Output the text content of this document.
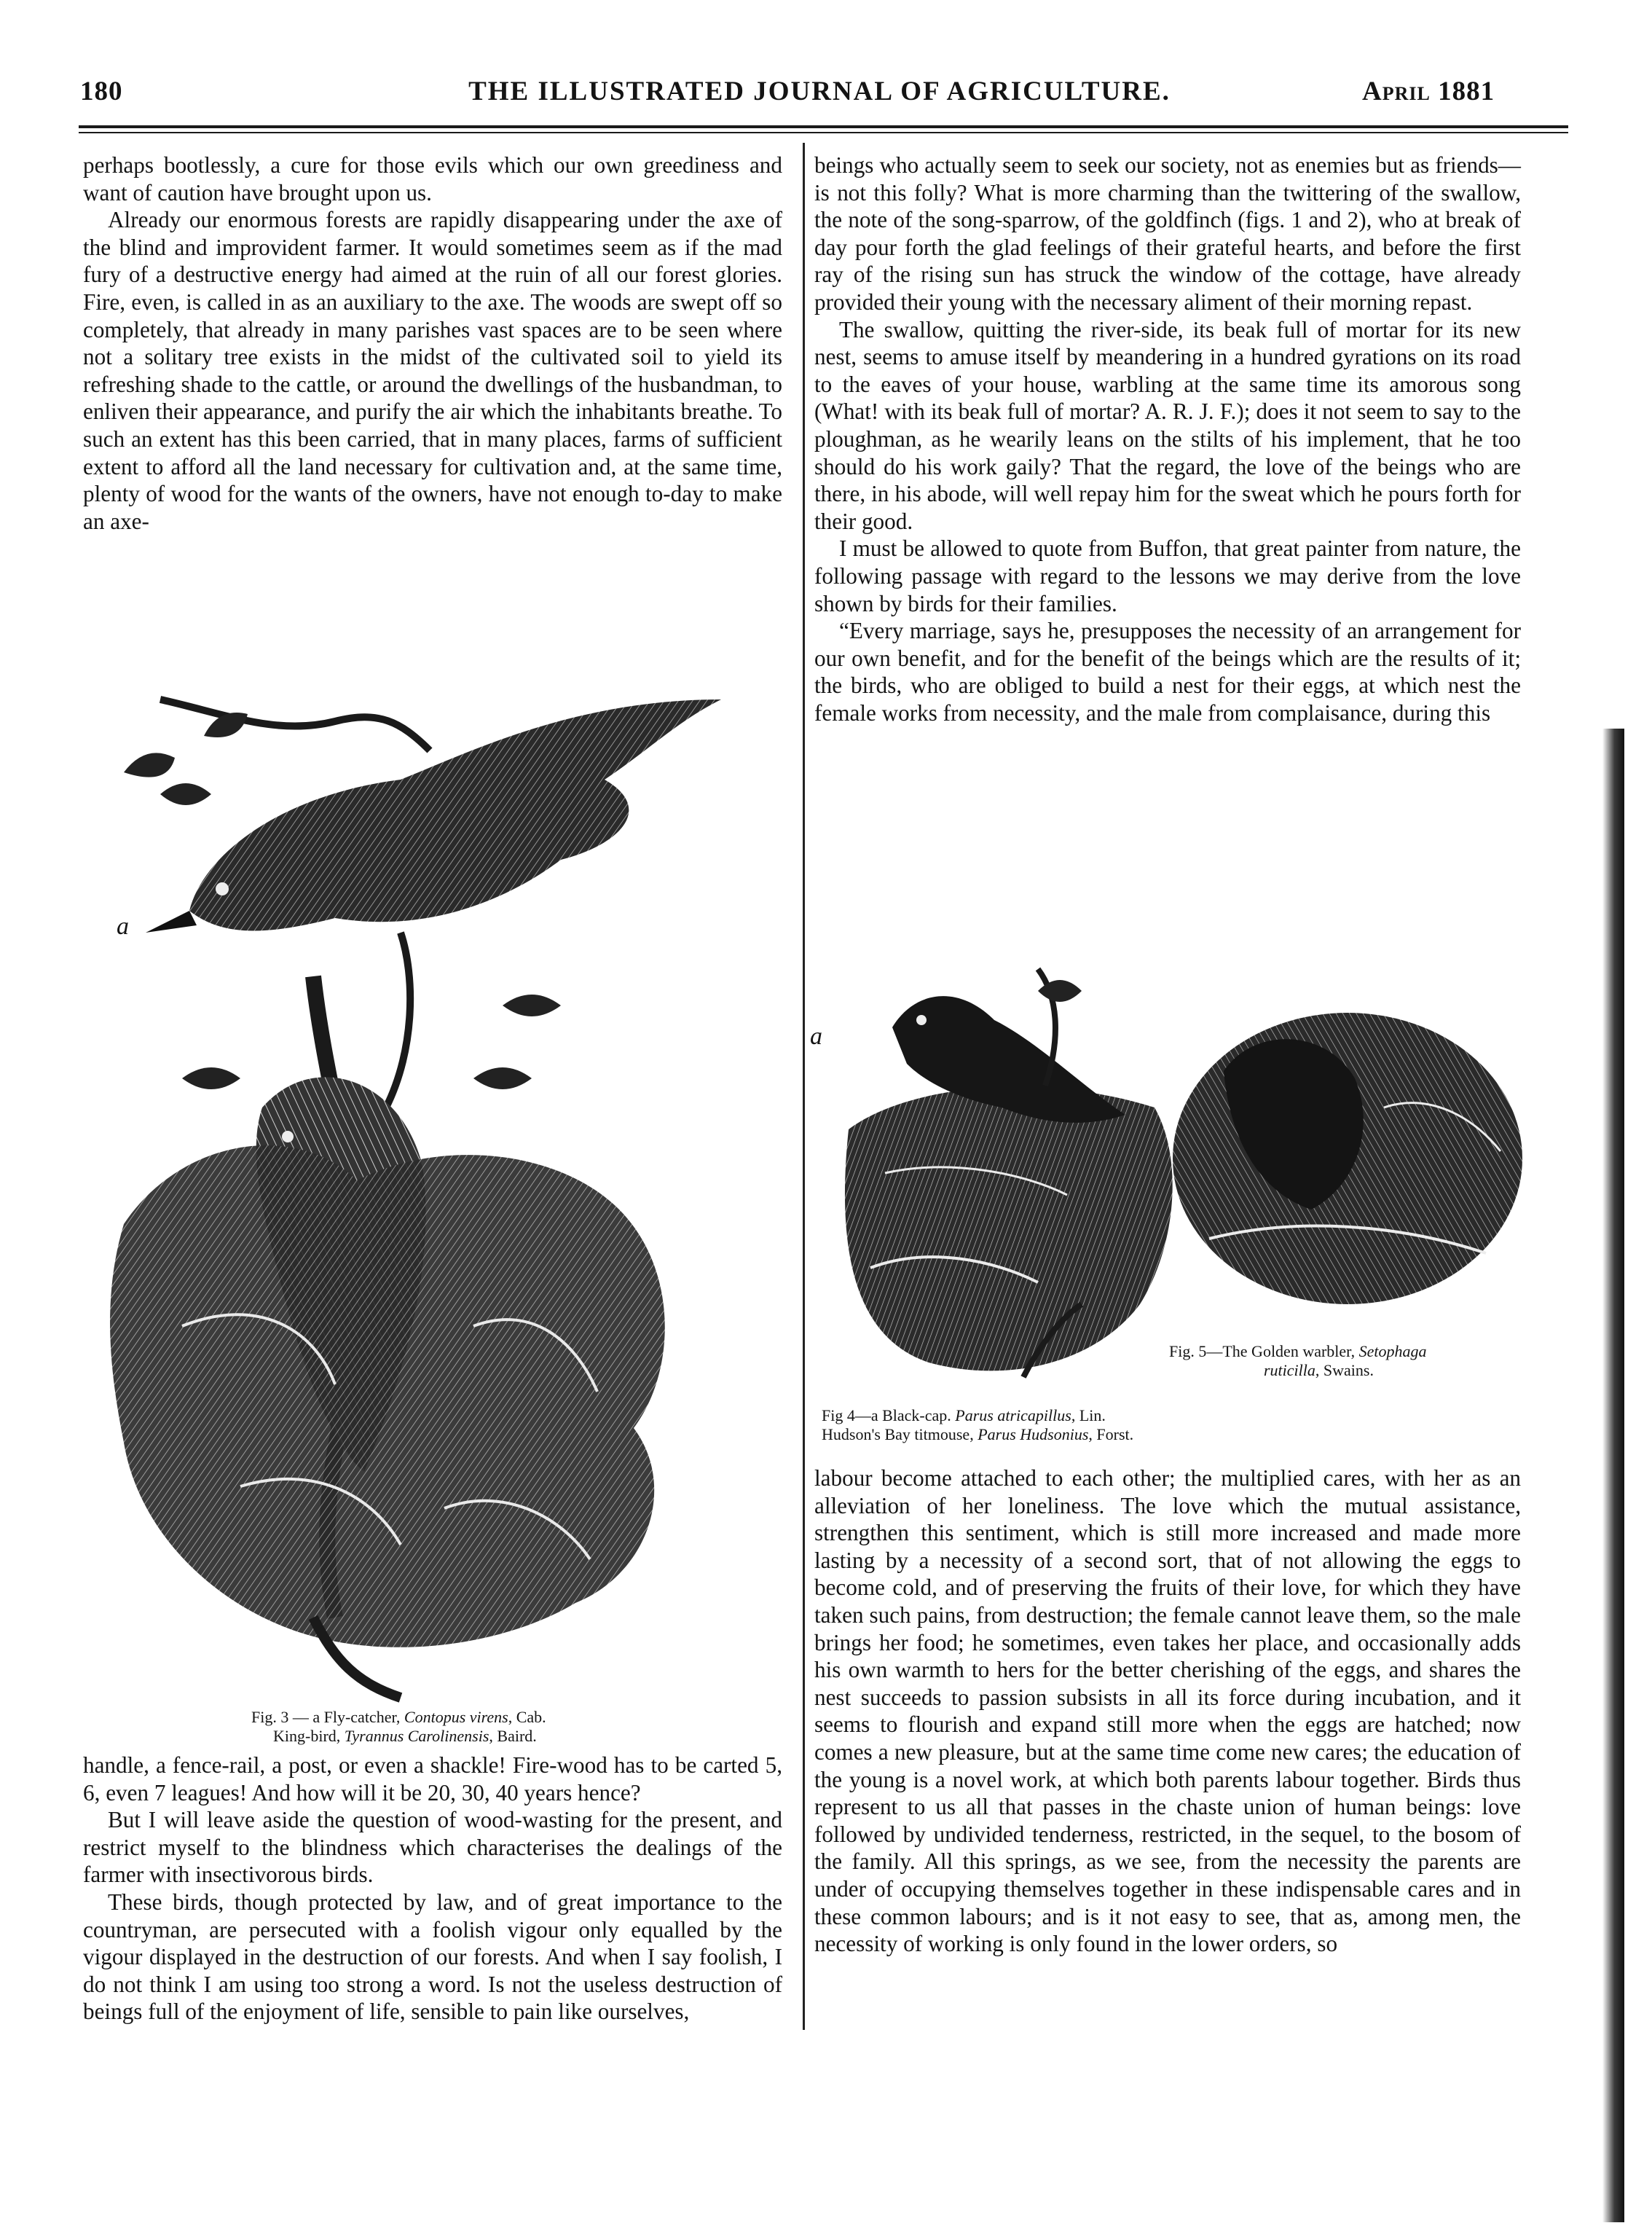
180	THE ILLUSTRATED JOURNAL OF AGRICULTURE.	April 1881

perhaps bootlessly, a cure for those evils which our own greediness and want of caution have brought upon us.

Already our enormous forests are rapidly disappearing under the axe of the blind and improvident farmer. It would sometimes seem as if the mad fury of a destructive energy had aimed at the ruin of all our forest glories. Fire, even, is called in as an auxiliary to the axe. The woods are swept off so completely, that already in many parishes vast spaces are to be seen where not a solitary tree exists in the midst of the cultivated soil to yield its refreshing shade to the cattle, or around the dwellings of the husbandman, to enliven their appearance, and purify the air which the inhabitants breathe. To such an extent has this been carried, that in many places, farms of sufficient extent to afford all the land necessary for cultivation and, at the same time, plenty of wood for the wants of the owners, have not enough to-day to make an axe-

a
Fig. 3 — a Fly-catcher, Contopus virens, Cab.
King-bird, Tyrannus Carolinensis, Baird.

handle, a fence-rail, a post, or even a shackle! Fire-wood has to be carted 5, 6, even 7 leagues! And how will it be 20, 30, 40 years hence?

But I will leave aside the question of wood-wasting for the present, and restrict myself to the blindness which characterises the dealings of the farmer with insectivorous birds.

These birds, though protected by law, and of great importance to the countryman, are persecuted with a foolish vigour only equalled by the vigour displayed in the destruction of our forests. And when I say foolish, I do not think I am using too strong a word. Is not the useless destruction of beings full of the enjoyment of life, sensible to pain like ourselves,

beings who actually seem to seek our society, not as enemies but as friends—is not this folly? What is more charming than the twittering of the swallow, the note of the song-sparrow, of the goldfinch (figs. 1 and 2), who at break of day pour forth the glad feelings of their grateful hearts, and before the first ray of the rising sun has struck the window of the cottage, have already provided their young with the necessary aliment of their morning repast.

The swallow, quitting the river-side, its beak full of mortar for its new nest, seems to amuse itself by meandering in a hundred gyrations on its road to the eaves of your house, warbling at the same time its amorous song (What! with its beak full of mortar? A. R. J. F.); does it not seem to say to the ploughman, as he wearily leans on the stilts of his implement, that he too should do his work gaily? That the regard, the love of the beings who are there, in his abode, will well repay him for the sweat which he pours forth for their good.

I must be allowed to quote from Buffon, that great painter from nature, the following passage with regard to the lessons we may derive from the love shown by birds for their families.

“Every marriage, says he, presupposes the necessity of an arrangement for our own benefit, and for the benefit of the beings which are the results of it; the birds, who are obliged to build a nest for their eggs, at which nest the female works from necessity, and the male from complaisance, during this

a
Fig. 5—The Golden warbler, Setophaga
ruticilla, Swains.
Fig 4—a Black-cap. Parus atricapillus, Lin.
Hudson's Bay titmouse, Parus Hudsonius, Forst.

labour become attached to each other; the multiplied cares, with her as an alleviation of her loneliness. The love which the mutual assistance, strengthen this sentiment, which is still more increased and made more lasting by a necessity of a second sort, that of not allowing the eggs to become cold, and of preserving the fruits of their love, for which they have taken such pains, from destruction; the female cannot leave them, so the male brings her food; he sometimes, even takes her place, and occasionally adds his own warmth to hers for the better cherishing of the eggs, and shares the nest succeeds to passion subsists in all its force during incubation, and it seems to flourish and expand still more when the eggs are hatched; now comes a new pleasure, but at the same time come new cares; the education of the young is a novel work, at which both parents labour together. Birds thus represent to us all that passes in the chaste union of human beings: love followed by undivided tenderness, restricted, in the sequel, to the bosom of the family. All this springs, as we see, from the necessity the parents are under of occupying themselves together in these indispensable cares and in these common labours; and is it not easy to see, that as, among men, the necessity of working is only found in the lower orders, so
